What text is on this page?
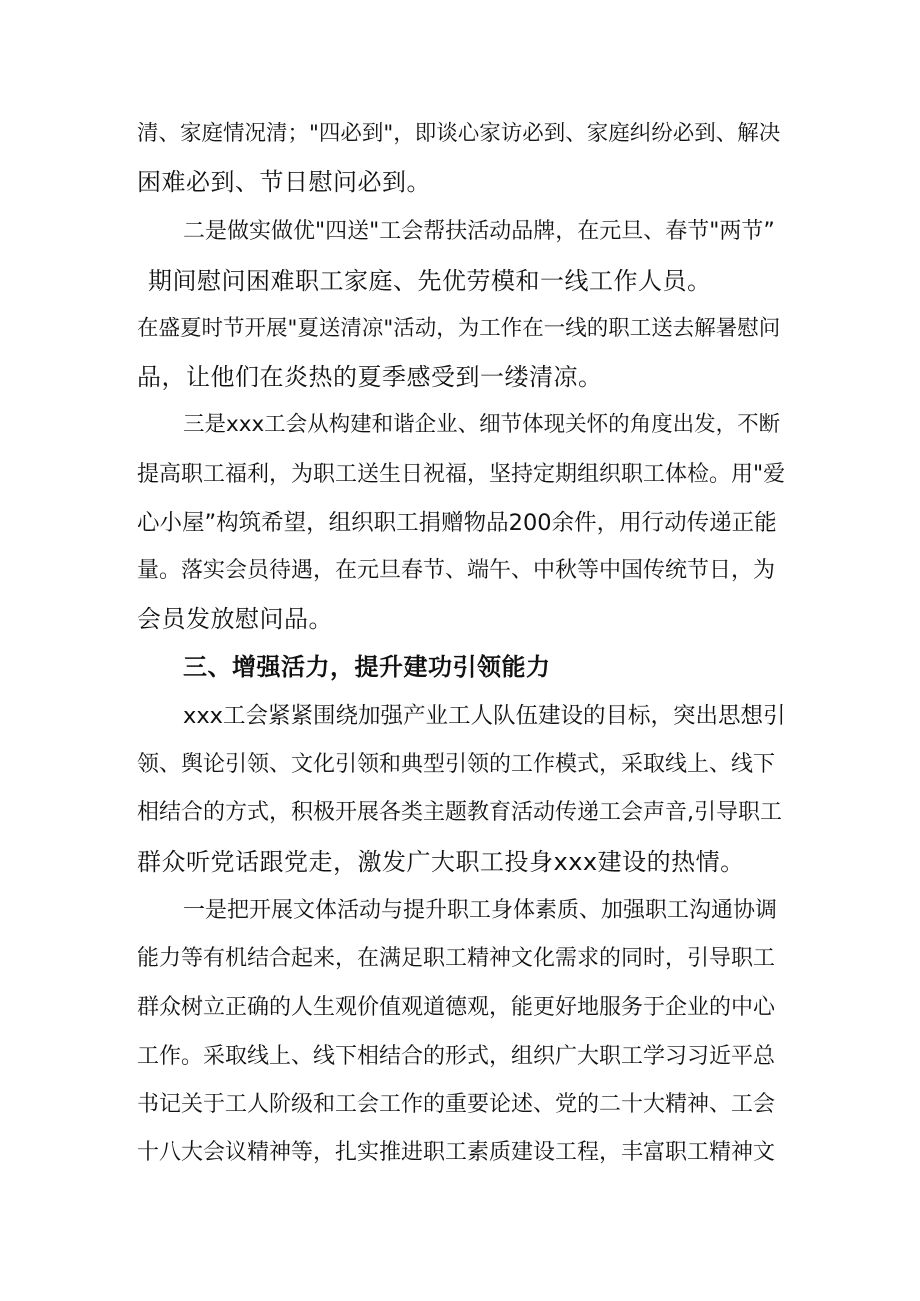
清、家庭情况清；"四必到"，即谈心家访必到、家庭纠纷必到、解决
困难必到、节日慰问必到。
二是做实做优"四送"工会帮扶活动品牌，在元旦、春节"两节”
期间慰问困难职工家庭、先优劳模和一线工作人员。
在盛夏时节开展"夏送清凉"活动，为工作在一线的职工送去解暑慰问
品，让他们在炎热的夏季感受到一缕清凉。
三是xxx工会从构建和谐企业、细节体现关怀的角度出发，不断
提高职工福利，为职工送生日祝福，坚持定期组织职工体检。用"爱
心小屋”构筑希望，组织职工捐赠物品200余件，用行动传递正能
量。落实会员待遇，在元旦春节、端午、中秋等中国传统节日，为
会员发放慰问品。
三、增强活力，提升建功引领能力
xxx工会紧紧围绕加强产业工人队伍建设的目标，突出思想引
领、舆论引领、文化引领和典型引领的工作模式，采取线上、线下
相结合的方式，积极开展各类主题教育活动传递工会声音,引导职工
群众听党话跟党走，激发广大职工投身xxx建设的热情。
一是把开展文体活动与提升职工身体素质、加强职工沟通协调
能力等有机结合起来，在满足职工精神文化需求的同时，引导职工
群众树立正确的人生观价值观道德观，能更好地服务于企业的中心
工作。采取线上、线下相结合的形式，组织广大职工学习习近平总
书记关于工人阶级和工会工作的重要论述、党的二十大精神、工会
十八大会议精神等，扎实推进职工素质建设工程，丰富职工精神文
